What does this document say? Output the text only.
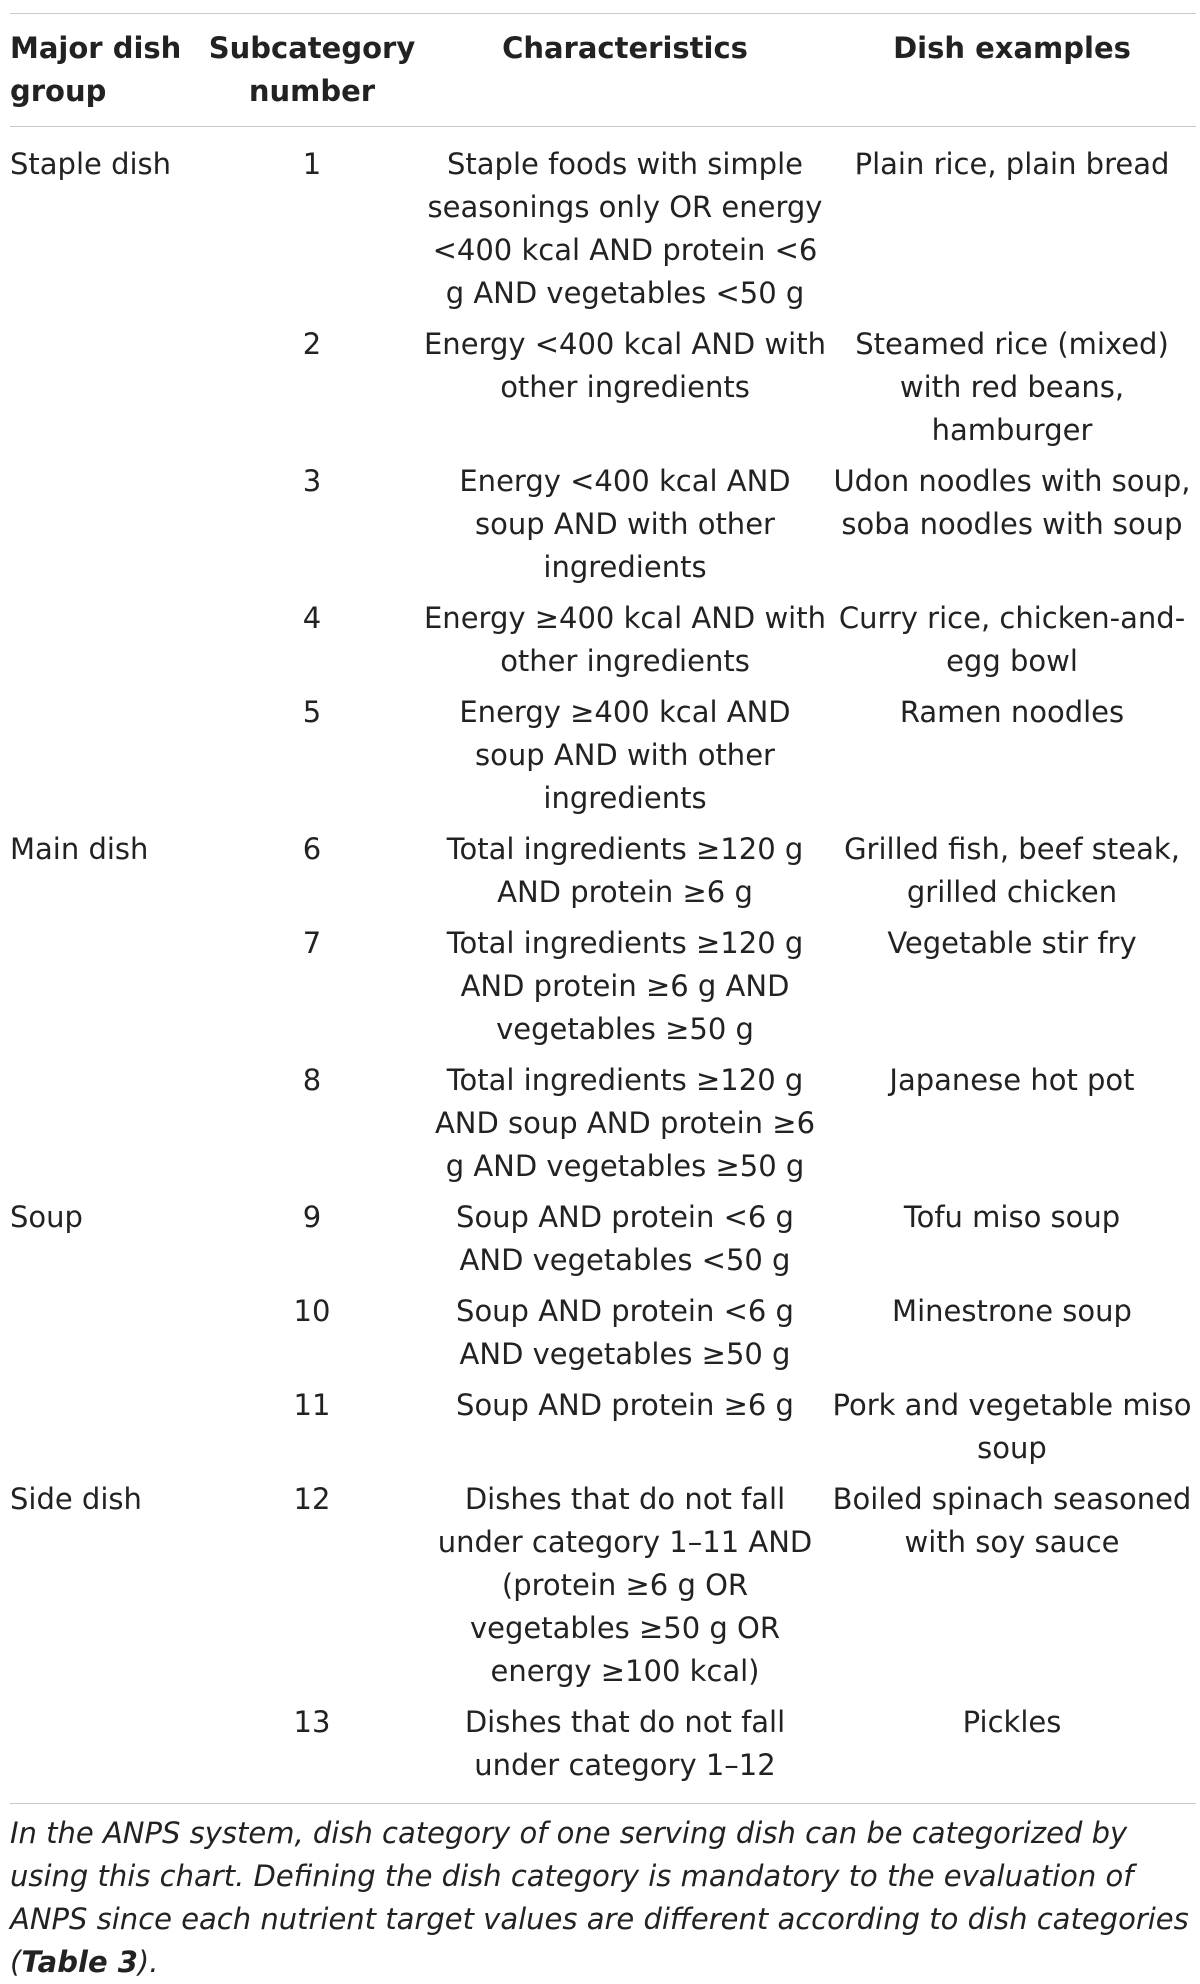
Major dish group	Subcategory number	Characteristics	Dish examples
Staple dish	1	Staple foods with simple seasonings only OR energy <400 kcal AND protein <6 g AND vegetables <50 g	Plain rice, plain bread
	2	Energy <400 kcal AND with other ingredients	Steamed rice (mixed) with red beans, hamburger
	3	Energy <400 kcal AND soup AND with other ingredients	Udon noodles with soup, soba noodles with soup
	4	Energy ≥400 kcal AND with other ingredients	Curry rice, chicken-and-egg bowl
	5	Energy ≥400 kcal AND soup AND with other ingredients	Ramen noodles
Main dish	6	Total ingredients ≥120 g AND protein ≥6 g	Grilled fish, beef steak, grilled chicken
	7	Total ingredients ≥120 g AND protein ≥6 g AND vegetables ≥50 g	Vegetable stir fry
	8	Total ingredients ≥120 g AND soup AND protein ≥6 g AND vegetables ≥50 g	Japanese hot pot
Soup	9	Soup AND protein <6 g AND vegetables <50 g	Tofu miso soup
	10	Soup AND protein <6 g AND vegetables ≥50 g	Minestrone soup
	11	Soup AND protein ≥6 g	Pork and vegetable miso soup
Side dish	12	Dishes that do not fall under category 1–11 AND (protein ≥6 g OR vegetables ≥50 g OR energy ≥100 kcal)	Boiled spinach seasoned with soy sauce
	13	Dishes that do not fall under category 1–12	Pickles
In the ANPS system, dish category of one serving dish can be categorized by using this chart. Defining the dish category is mandatory to the evaluation of ANPS since each nutrient target values are different according to dish categories (Table 3).
